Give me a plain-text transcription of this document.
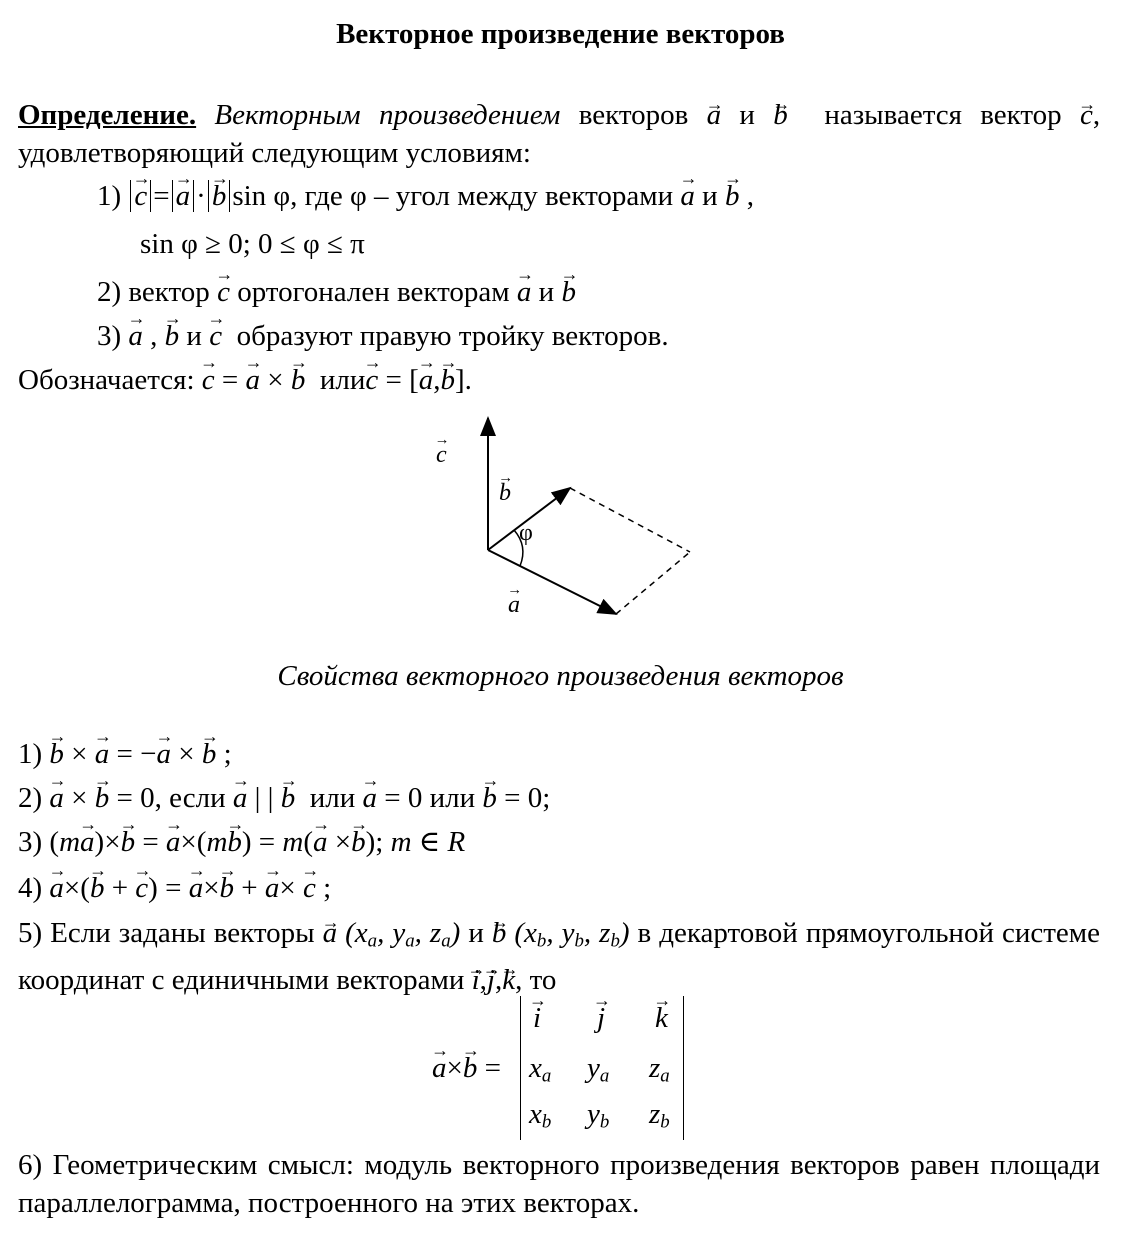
Векторное произведение векторов
Определение. Векторным произведением векторов → a и → b называется вектор → c, удовлетворяющий следующим условиям:
1) → c = → a · → b sin φ, где φ – угол между векторами → a и → b ,
sin φ ≥ 0; 0 ≤ φ ≤ π
2) вектор → c ортогонален векторам → a и → b
3) → a , → b и → c образуют правую тройку векторов.
Обозначается: → c = → a × → b или→ c = [→ a,→ b].
→ c
→ b
φ
→ a
Свойства векторного произведения векторов
1) → b × → a = −→ a × → b ;
2) → a × → b = 0, если → a | | → b или → a = 0 или → b = 0;
3) (m→ a)×→ b = → a×(m→ b) = m(→ a ×→ b); m ∈ R
4) → a×(→ b + → c) = → a×→ b + → a× → c ;
5) Если заданы векторы → a ($x_a$, $y_a$, $z_a$) и → b ($x_b$, $y_b$, $z_b$) в декартовой прямоугольной системе координат с единичными векторами → i,→ j,→ k, то
→ a×→ b =
→ i → j → k
$x_a$ $y_a$ $z_a$
$x_b$ $y_b$ $z_b$
6) Геометрическим смысл: модуль векторного произведения векторов равен площади параллелограмма, построенного на этих векторах.
